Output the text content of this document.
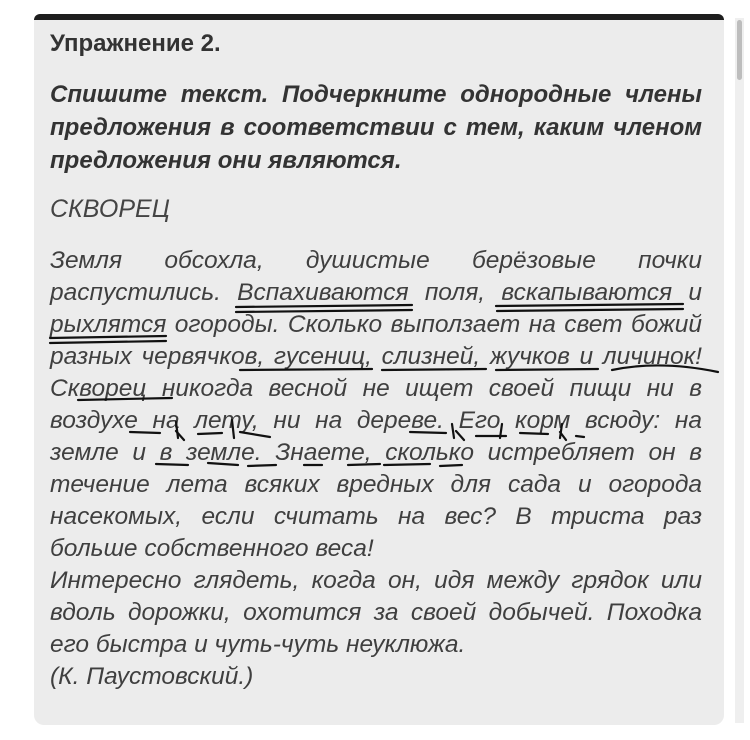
Упражнение 2.
Спишите текст. Подчеркните однородные члены предложения в соответствии с тем, каким членом предложения они являются.
СКВОРЕЦ

Земля обсохла, душистые берёзовые почки распустились. Вспахиваются поля, вскапываются и рыхлятся огороды. Сколько выползает на свет божий разных червячков, гусениц, слизней, жучков и личинок! Скворец никогда весной не ищет своей пищи ни в воздухе на лету, ни на дереве. Его корм всюду: на земле и в земле. Знаете, сколько истребляет он в течение лета всяких вредных для сада и огорода насекомых, если считать на вес? В триста раз больше собственного веса!

Интересно глядеть, когда он, идя между грядок или вдоль дорожки, охотится за своей добычей. Походка его быстра и чуть-чуть неуклюжа.

(К. Паустовский.)
